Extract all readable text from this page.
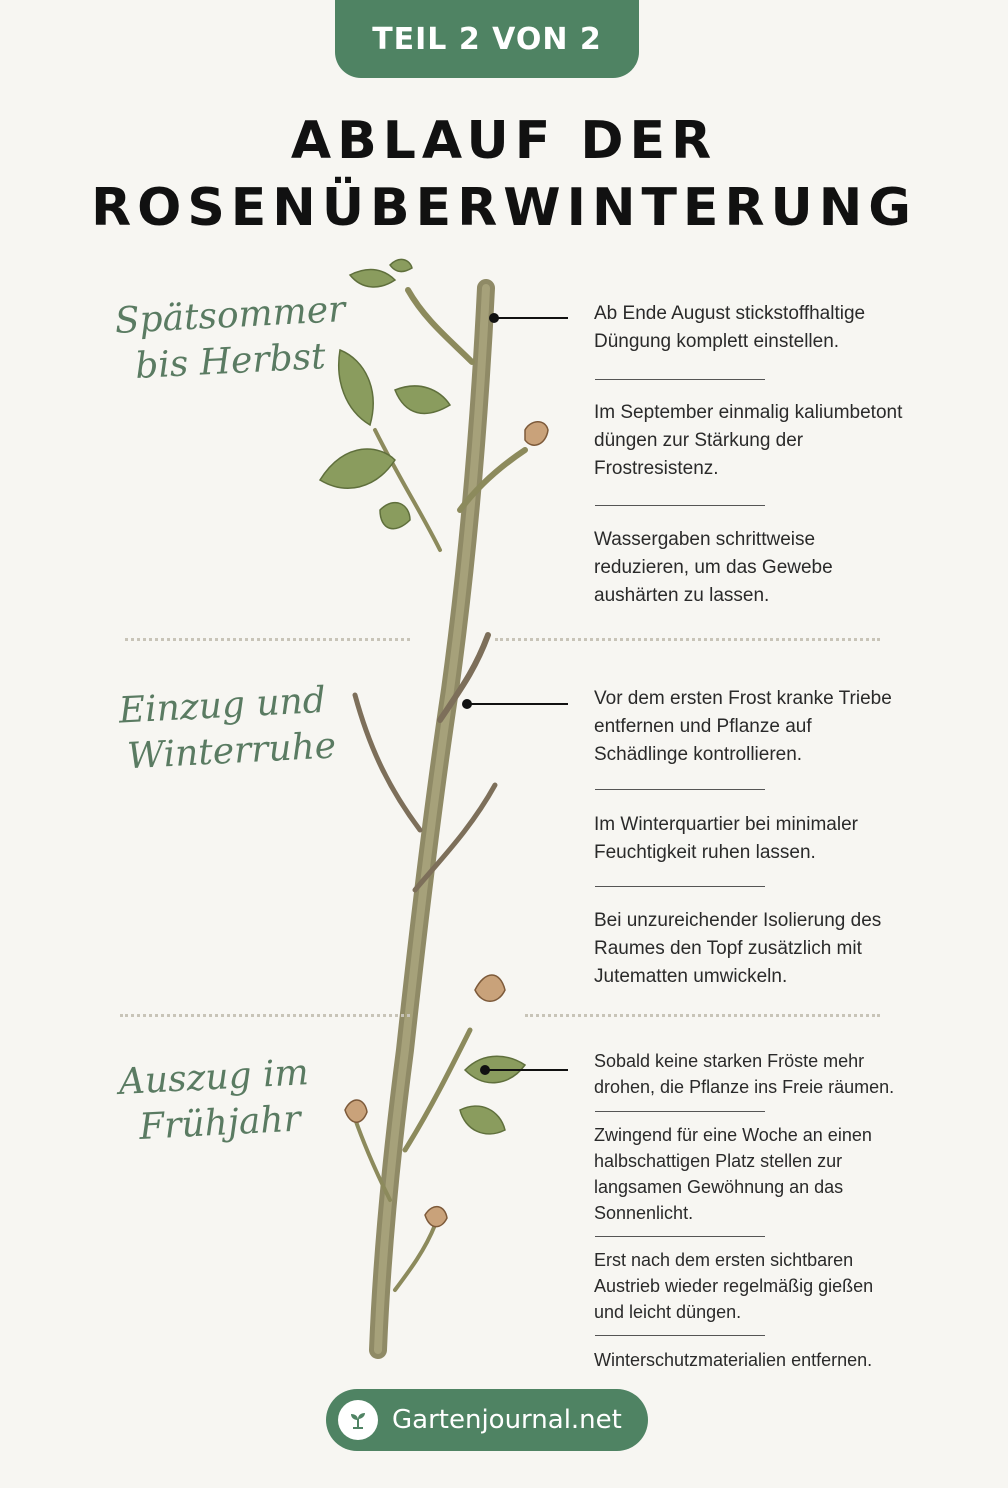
TEIL 2 VON 2
ABLAUF DER
ROSENÜBERWINTERUNG
Spätsommer
bis Herbst
Einzug und
Winterruhe
Auszug im
Frühjahr
Ab Ende August stickstoffhaltige Düngung komplett einstellen.
Im September einmalig kaliumbetont düngen zur Stärkung der Frostresistenz.
Wassergaben schrittweise reduzieren, um das Gewebe aushärten zu lassen.
Vor dem ersten Frost kranke Triebe entfernen und Pflanze auf Schädlinge kontrollieren.
Im Winterquartier bei minimaler Feuchtigkeit ruhen lassen.
Bei unzureichender Isolierung des Raumes den Topf zusätzlich mit Jutematten umwickeln.
Sobald keine starken Fröste mehr drohen, die Pflanze ins Freie räumen.
Zwingend für eine Woche an einen halbschattigen Platz stellen zur langsamen Gewöhnung an das Sonnenlicht.
Erst nach dem ersten sichtbaren Austrieb wieder regelmäßig gießen und leicht düngen.
Winterschutzmaterialien entfernen.
Gartenjournal.net
